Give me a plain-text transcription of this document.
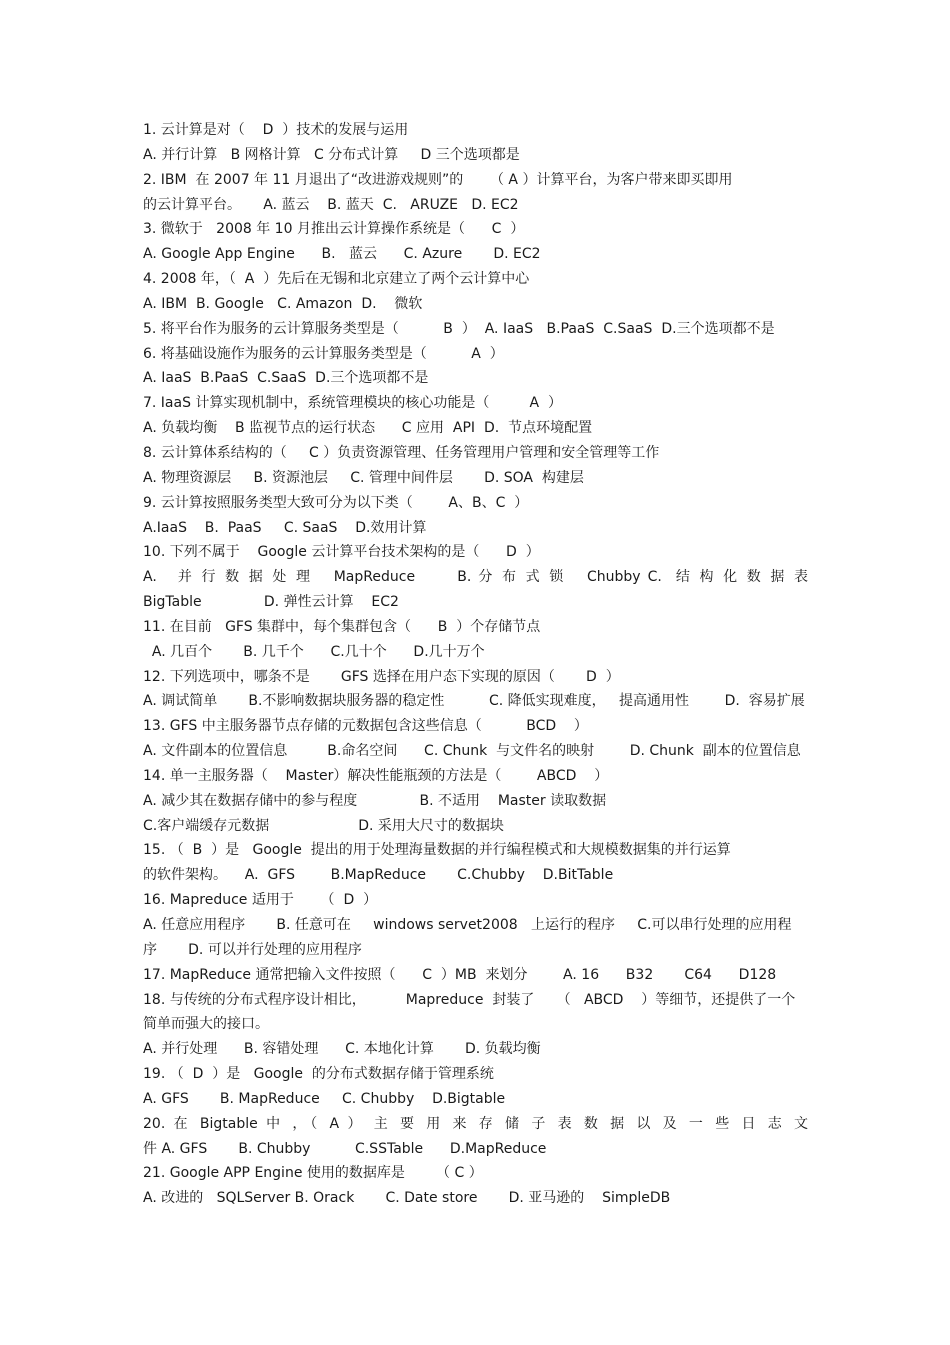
1. 云计算是对（    D  ）技术的发展与运用
A. 并行计算   B 网格计算   C 分布式计算     D 三个选项都是
2. IBM  在 2007 年 11 月退出了“改进游戏规则”的      （ A ）计算平台，为客户带来即买即用
的云计算平台。     A. 蓝云    B. 蓝天  C.   ARUZE   D. EC2
3. 微软于   2008 年 10 月推出云计算操作系统是（      C  ）
A. Google App Engine      B.   蓝云      C. Azure       D. EC2
4. 2008 年，（  A  ）先后在无锡和北京建立了两个云计算中心
A. IBM  B. Google   C. Amazon  D.    微软
5. 将平台作为服务的云计算服务类型是（          B  ）  A. IaaS   B.PaaS  C.SaaS  D.三个选项都不是
6. 将基础设施作为服务的云计算服务类型是（          A  ）
A. IaaS  B.PaaS  C.SaaS  D.三个选项都不是
7. IaaS 计算实现机制中，系统管理模块的核心功能是（         A  ）
A. 负载均衡    B 监视节点的运行状态      C 应用  API  D.  节点环境配置
8. 云计算体系结构的（     C ）负责资源管理、任务管理用户管理和安全管理等工作
A. 物理资源层     B. 资源池层     C. 管理中间件层       D. SOA  构建层
9. 云计算按照服务类型大致可分为以下类（        A、B、C  ）
A.IaaS    B.  PaaS     C. SaaS    D.效用计算
10. 下列不属于    Google 云计算平台技术架构的是（      D  ）
A.   并 行 数 据 处 理   MapReduce      B. 分 布 式 锁   Chubby C.  结 构 化 数 据 表
BigTable              D. 弹性云计算    EC2
11. 在目前   GFS 集群中，每个集群包含（      B  ）个存储节点
A. 几百个       B. 几千个      C.几十个      D.几十万个
12. 下列选项中，哪条不是       GFS 选择在用户态下实现的原因（       D  ）
A. 调试简单       B.不影响数据块服务器的稳定性          C. 降低实现难度，   提高通用性        D.  容易扩展
13. GFS 中主服务器节点存储的元数据包含这些信息（          BCD    ）
A. 文件副本的位置信息         B.命名空间      C. Chunk  与文件名的映射        D. Chunk  副本的位置信息
14. 单一主服务器（    Master）解决性能瓶颈的方法是（        ABCD    ）
A. 减少其在数据存储中的参与程度              B. 不适用    Master 读取数据
C.客户端缓存元数据                    D. 采用大尺寸的数据块
15. （  B  ）是   Google  提出的用于处理海量数据的并行编程模式和大规模数据集的并行运算
的软件架构。    A.  GFS        B.MapReduce       C.Chubby    D.BitTable
16. Mapreduce 适用于      （  D  ）
A. 任意应用程序       B. 任意可在     windows servet2008   上运行的程序     C.可以串行处理的应用程
序       D. 可以并行处理的应用程序
17. MapReduce 通常把输入文件按照（      C  ）MB  来划分        A. 16      B32       C64      D128
18. 与传统的分布式程序设计相比，         Mapreduce  封装了     （   ABCD    ）等细节，还提供了一个
简单而强大的接口。
A. 并行处理      B. 容错处理      C. 本地化计算       D. 负载均衡
19. （  D  ）是   Google  的分布式数据存储于管理系统
A. GFS       B. MapReduce     C. Chubby    D.Bigtable
20. 在 Bigtable 中 ，（ A ） 主 要 用 来 存 储 子 表 数 据 以 及 一 些 日 志 文
件 A. GFS       B. Chubby          C.SSTable      D.MapReduce
21. Google APP Engine 使用的数据库是       （ C ）
A. 改进的   SQLServer B. Orack       C. Date store       D. 亚马逊的    SimpleDB
